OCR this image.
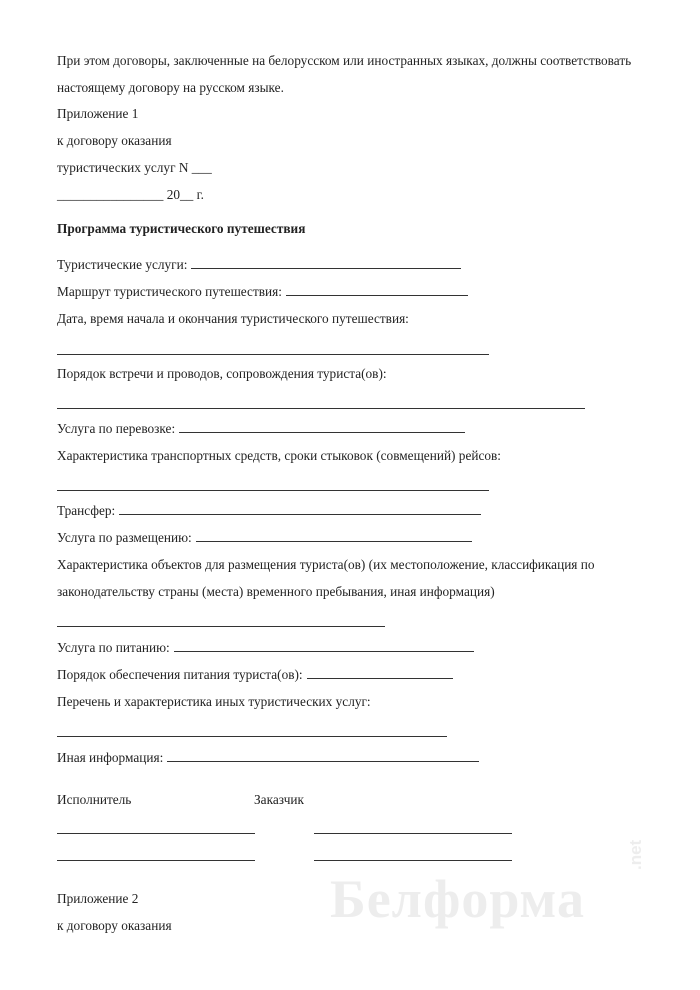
Белформа
.net
При этом договоры, заключенные на белорусском или иностранных языках, должны соответствовать
настоящему договору на русском языке.
Приложение 1
к договору оказания
туристических услуг N ___
________________ 20__ г.
Программа туристического путешествия
Туристические услуги:
Маршрут туристического путешествия:
Дата, время начала и окончания туристического путешествия:
Порядок встречи и проводов, сопровождения туриста(ов):
Услуга по перевозке:
Характеристика транспортных средств, сроки стыковок (совмещений) рейсов:
Трансфер:
Услуга по размещению:
Характеристика объектов для размещения туриста(ов) (их местоположение, классификация по
законодательству страны (места) временного пребывания, иная информация)
Услуга по питанию:
Порядок обеспечения питания туриста(ов):
Перечень и характеристика иных туристических услуг:
Иная информация:
Исполнитель	Заказчик
Приложение 2
к договору оказания
